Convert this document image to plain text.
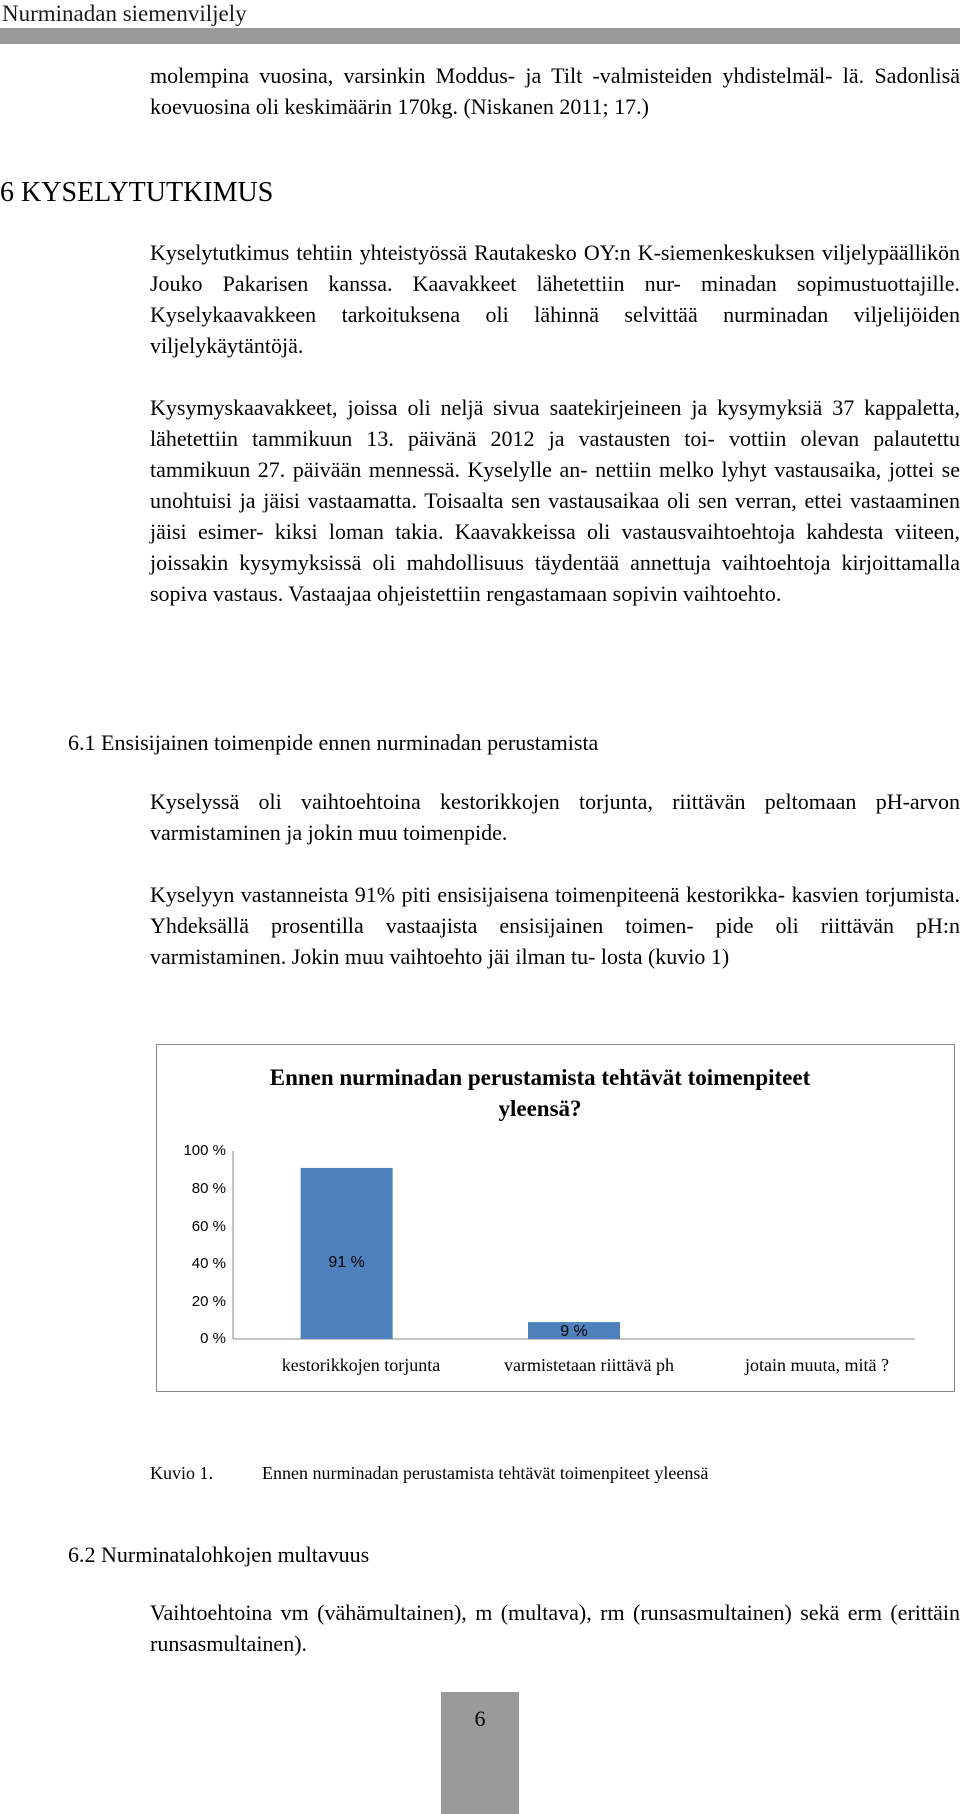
Nurminadan siemenviljely

molempina vuosina, varsinkin Moddus- ja Tilt -valmisteiden yhdistelmäl- lä. Sadonlisä koevuosina oli keskimäärin 170kg. (Niskanen 2011; 17.)

6 KYSELYTUTKIMUS

Kyselytutkimus tehtiin yhteistyössä Rautakesko OY:n K-siemenkeskuksen viljelypäällikön Jouko Pakarisen kanssa. Kaavakkeet lähetettiin nur- minadan sopimustuottajille. Kyselykaavakkeen tarkoituksena oli lähinnä selvittää nurminadan viljelijöiden viljelykäytäntöjä.

Kysymyskaavakkeet, joissa oli neljä sivua saatekirjeineen ja kysymyksiä 37 kappaletta, lähetettiin tammikuun 13. päivänä 2012 ja vastausten toi- vottiin olevan palautettu tammikuun 27. päivään mennessä. Kyselylle an- nettiin melko lyhyt vastausaika, jottei se unohtuisi ja jäisi vastaamatta. Toisaalta sen vastausaikaa oli sen verran, ettei vastaaminen jäisi esimer- kiksi loman takia. Kaavakkeissa oli vastausvaihtoehtoja kahdesta viiteen, joissakin kysymyksissä oli mahdollisuus täydentää annettuja vaihtoehtoja kirjoittamalla sopiva vastaus. Vastaajaa ohjeistettiin rengastamaan sopivin vaihtoehto.

6.1 Ensisijainen toimenpide ennen nurminadan perustamista

Kyselyssä oli vaihtoehtoina kestorikkojen torjunta, riittävän peltomaan pH-arvon varmistaminen ja jokin muu toimenpide.

Kyselyyn vastanneista 91% piti ensisijaisena toimenpiteenä kestorikka- kasvien torjumista. Yhdeksällä prosentilla vastaajista ensisijainen toimen- pide oli riittävän pH:n varmistaminen. Jokin muu vaihtoehto jäi ilman tu- losta (kuvio 1)

Ennen nurminadan perustamista tehtävät toimenpiteet yleensä?
100 %
80 %
60 %
40 %
20 %
0 %
91 %
9 %
kestorikkojen torjunta	varmistetaan riittävä ph	jotain muuta, mitä ?
Kuvio 1.	Ennen nurminadan perustamista tehtävät toimenpiteet yleensä
6.2 Nurminatalohkojen multavuus

Vaihtoehtoina vm (vähämultainen), m (multava), rm (runsasmultainen) sekä erm (erittäin runsasmultainen).

6
